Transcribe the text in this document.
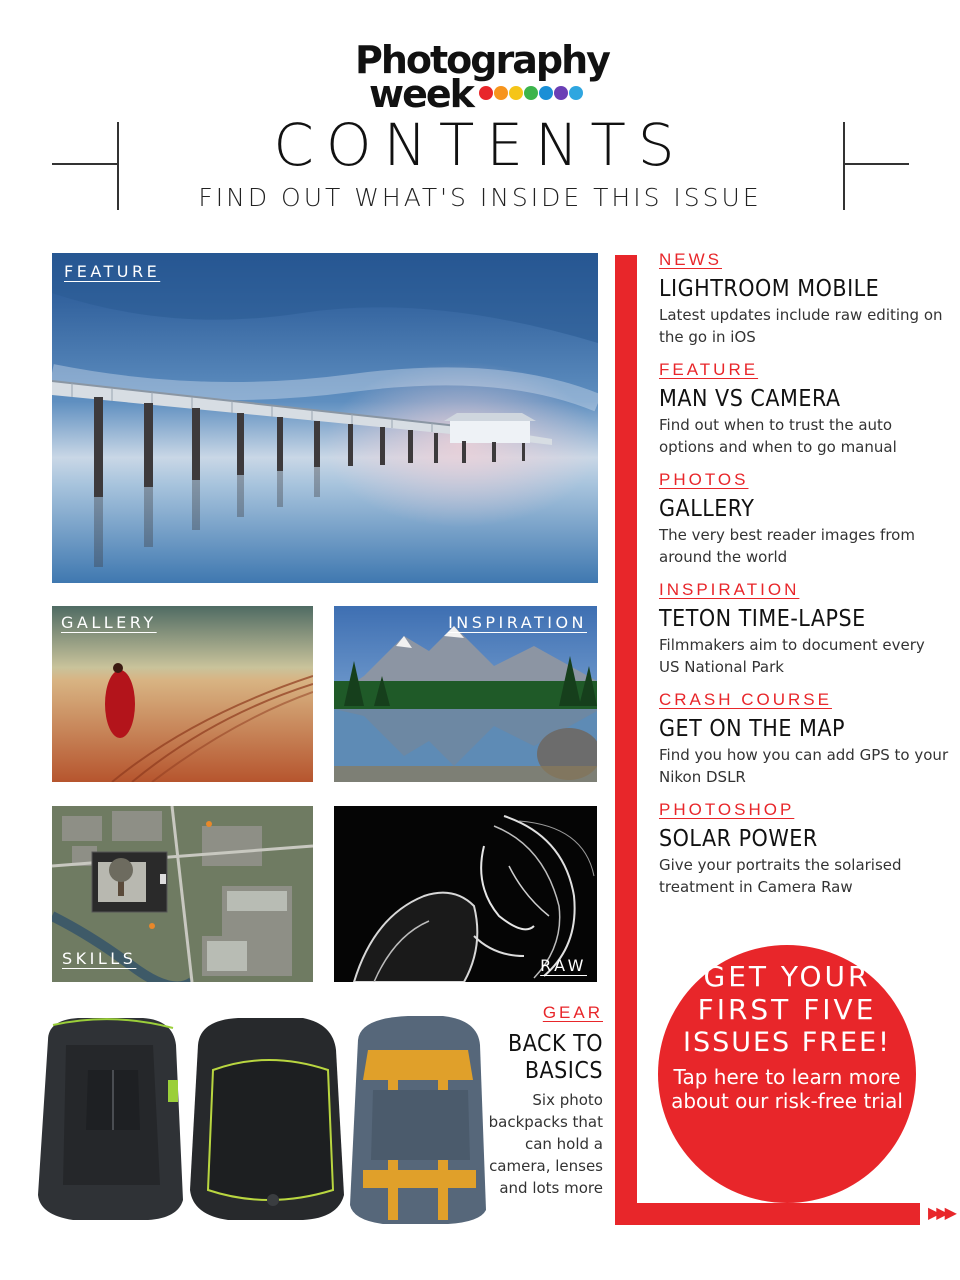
Photography
week
CONTENTS
FIND OUT WHAT'S INSIDE THIS ISSUE
FEATURE
GALLERY	INSPIRATION
SKILLS	RAW
GEAR
BACK TO BASICS
Six photo backpacks that can hold a camera, lenses and lots more
NEWS
LIGHTROOM MOBILE
Latest updates include raw editing on the go in iOS
FEATURE
MAN VS CAMERA
Find out when to trust the auto options and when to go manual
PHOTOS
GALLERY
The very best reader images from around the world
INSPIRATION
TETON TIME-LAPSE
Filmmakers aim to document every US National Park
CRASH COURSE
GET ON THE MAP
Find you how you can add GPS to your Nikon DSLR
PHOTOSHOP
SOLAR POWER
Give your portraits the solarised treatment in Camera Raw
GET YOUR
FIRST FIVE
ISSUES FREE!
Tap here to learn more about our risk-free trial
▶▶▶
